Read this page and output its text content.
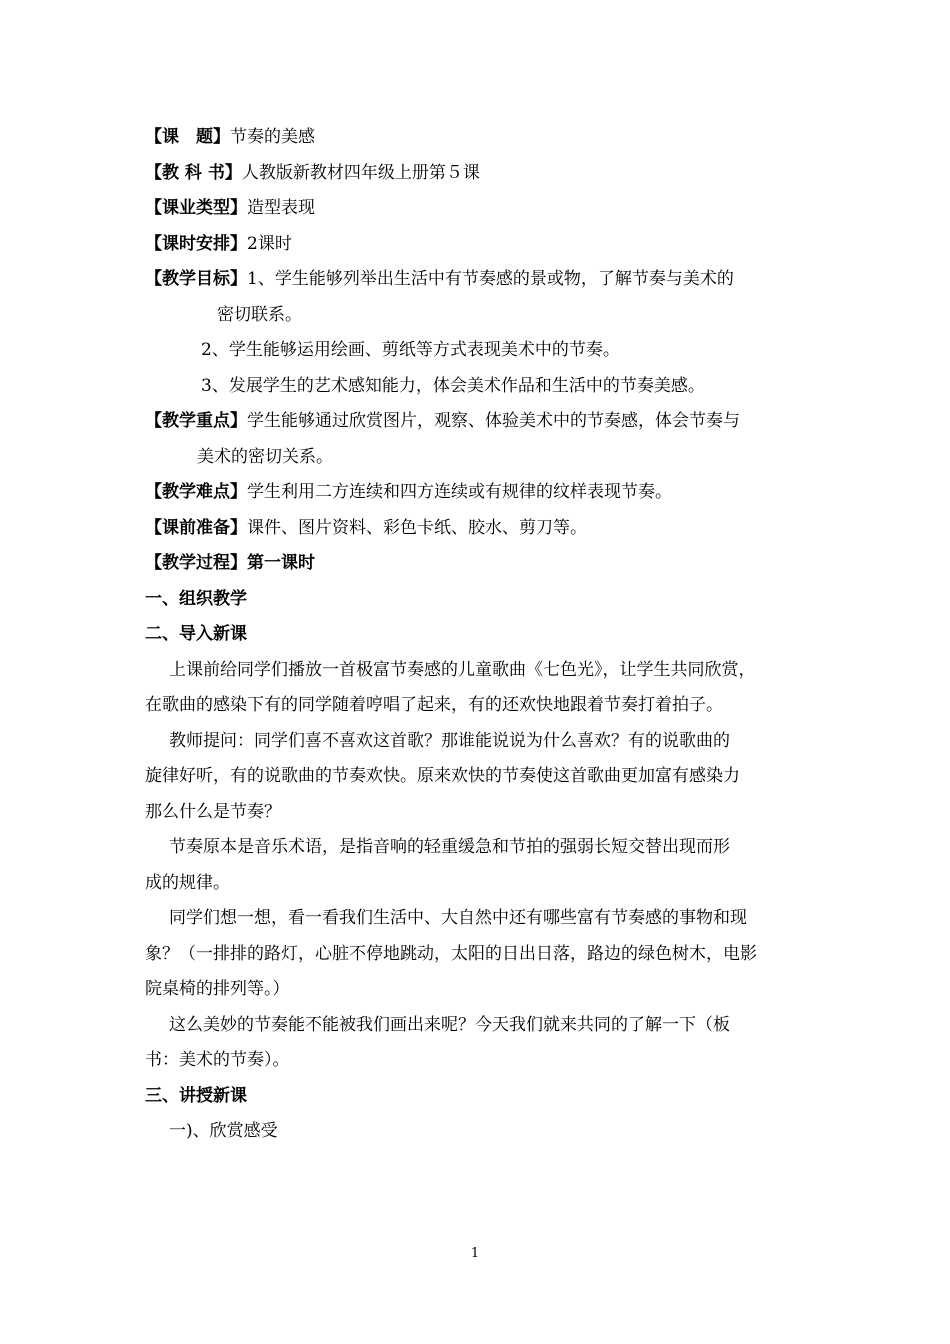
【课　题】节奏的美感
【教 科 书】人教版新教材四年级上册第５课
【课业类型】造型表现
【课时安排】2课时
【教学目标】1、学生能够列举出生活中有节奏感的景或物，了解节奏与美术的
密切联系。
2、学生能够运用绘画、剪纸等方式表现美术中的节奏。
3、发展学生的艺术感知能力，体会美术作品和生活中的节奏美感。
【教学重点】学生能够通过欣赏图片，观察、体验美术中的节奏感，体会节奏与
美术的密切关系。
【教学难点】学生利用二方连续和四方连续或有规律的纹样表现节奏。
【课前准备】课件、图片资料、彩色卡纸、胶水、剪刀等。
【教学过程】第一课时
一、组织教学
二、导入新课
上课前给同学们播放一首极富节奏感的儿童歌曲《七色光》，让学生共同欣赏，
在歌曲的感染下有的同学随着哼唱了起来，有的还欢快地跟着节奏打着拍子。
教师提问：同学们喜不喜欢这首歌？那谁能说说为什么喜欢？有的说歌曲的
旋律好听，有的说歌曲的节奏欢快。原来欢快的节奏使这首歌曲更加富有感染力
那么什么是节奏？
节奏原本是音乐术语，是指音响的轻重缓急和节拍的强弱长短交替出现而形
成的规律。
同学们想一想，看一看我们生活中、大自然中还有哪些富有节奏感的事物和现
象？（一排排的路灯，心脏不停地跳动，太阳的日出日落，路边的绿色树木，电影
院桌椅的排列等。）
这么美妙的节奏能不能被我们画出来呢？今天我们就来共同的了解一下（板
书：美术的节奏）。
三、讲授新课
一)、欣赏感受
1
